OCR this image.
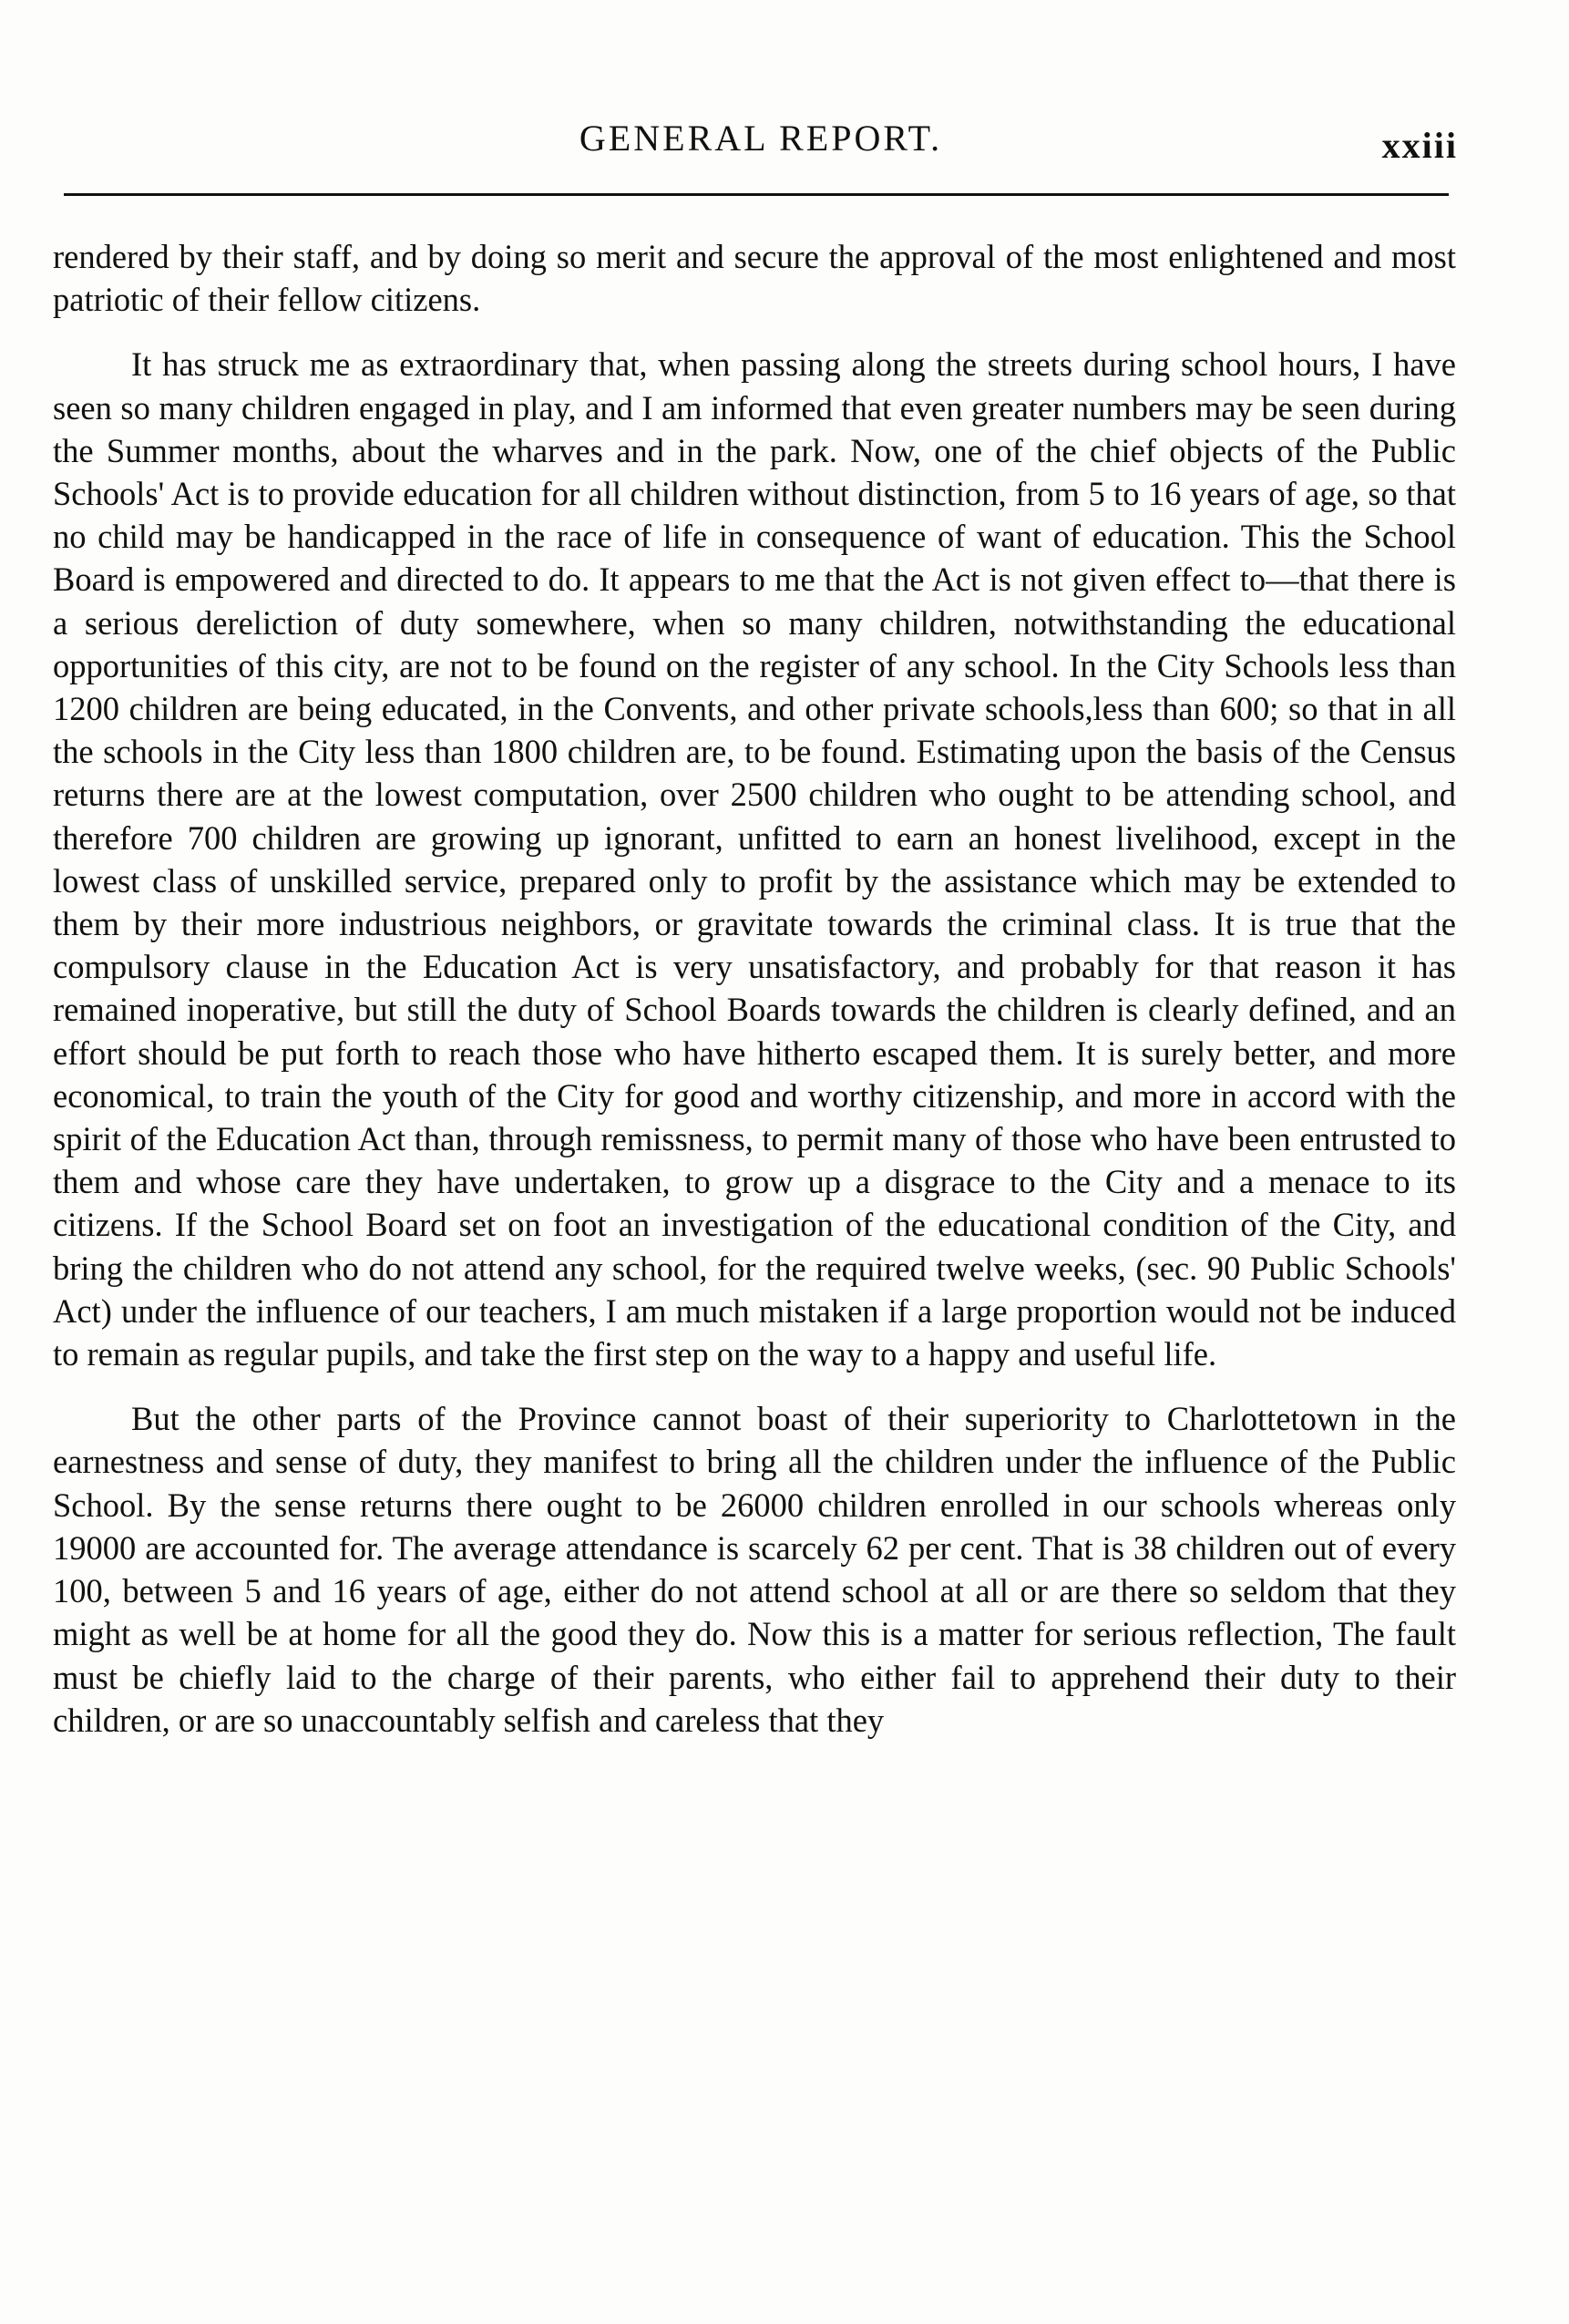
GENERAL REPORT.	xxiii

rendered by their staff, and by doing so merit and secure the approval of the most enlightened and most patriotic of their fellow citizens.

It has struck me as extraordinary that, when passing along the streets during school hours, I have seen so many children engaged in play, and I am informed that even greater numbers may be seen during the Summer months, about the wharves and in the park. Now, one of the chief objects of the Public Schools' Act is to provide education for all children without distinction, from 5 to 16 years of age, so that no child may be handicapped in the race of life in consequence of want of education. This the School Board is empowered and directed to do. It appears to me that the Act is not given effect to—that there is a serious dereliction of duty somewhere, when so many children, notwithstanding the educational opportunities of this city, are not to be found on the register of any school. In the City Schools less than 1200 children are being educated, in the Convents, and other private schools,less than 600; so that in all the schools in the City less than 1800 children are, to be found. Estimating upon the basis of the Census returns there are at the lowest computation, over 2500 children who ought to be attending school, and therefore 700 children are growing up ignorant, unfitted to earn an honest livelihood, except in the lowest class of unskilled service, prepared only to profit by the assistance which may be extended to them by their more industrious neighbors, or gravitate towards the criminal class. It is true that the compulsory clause in the Education Act is very unsatisfactory, and probably for that reason it has remained inoperative, but still the duty of School Boards towards the children is clearly defined, and an effort should be put forth to reach those who have hitherto escaped them. It is surely better, and more economical, to train the youth of the City for good and worthy citizenship, and more in accord with the spirit of the Education Act than, through remissness, to permit many of those who have been entrusted to them and whose care they have undertaken, to grow up a disgrace to the City and a menace to its citizens. If the School Board set on foot an investigation of the educational condition of the City, and bring the children who do not attend any school, for the required twelve weeks, (sec. 90 Public Schools' Act) under the influence of our teachers, I am much mistaken if a large proportion would not be induced to remain as regular pupils, and take the first step on the way to a happy and useful life.

But the other parts of the Province cannot boast of their superiority to Charlottetown in the earnestness and sense of duty, they manifest to bring all the children under the influence of the Public School. By the sense returns there ought to be 26000 children enrolled in our schools whereas only 19000 are accounted for. The average attendance is scarcely 62 per cent. That is 38 children out of every 100, between 5 and 16 years of age, either do not attend school at all or are there so seldom that they might as well be at home for all the good they do. Now this is a matter for serious reflection, The fault must be chiefly laid to the charge of their parents, who either fail to apprehend their duty to their children, or are so unaccountably selfish and careless that they
